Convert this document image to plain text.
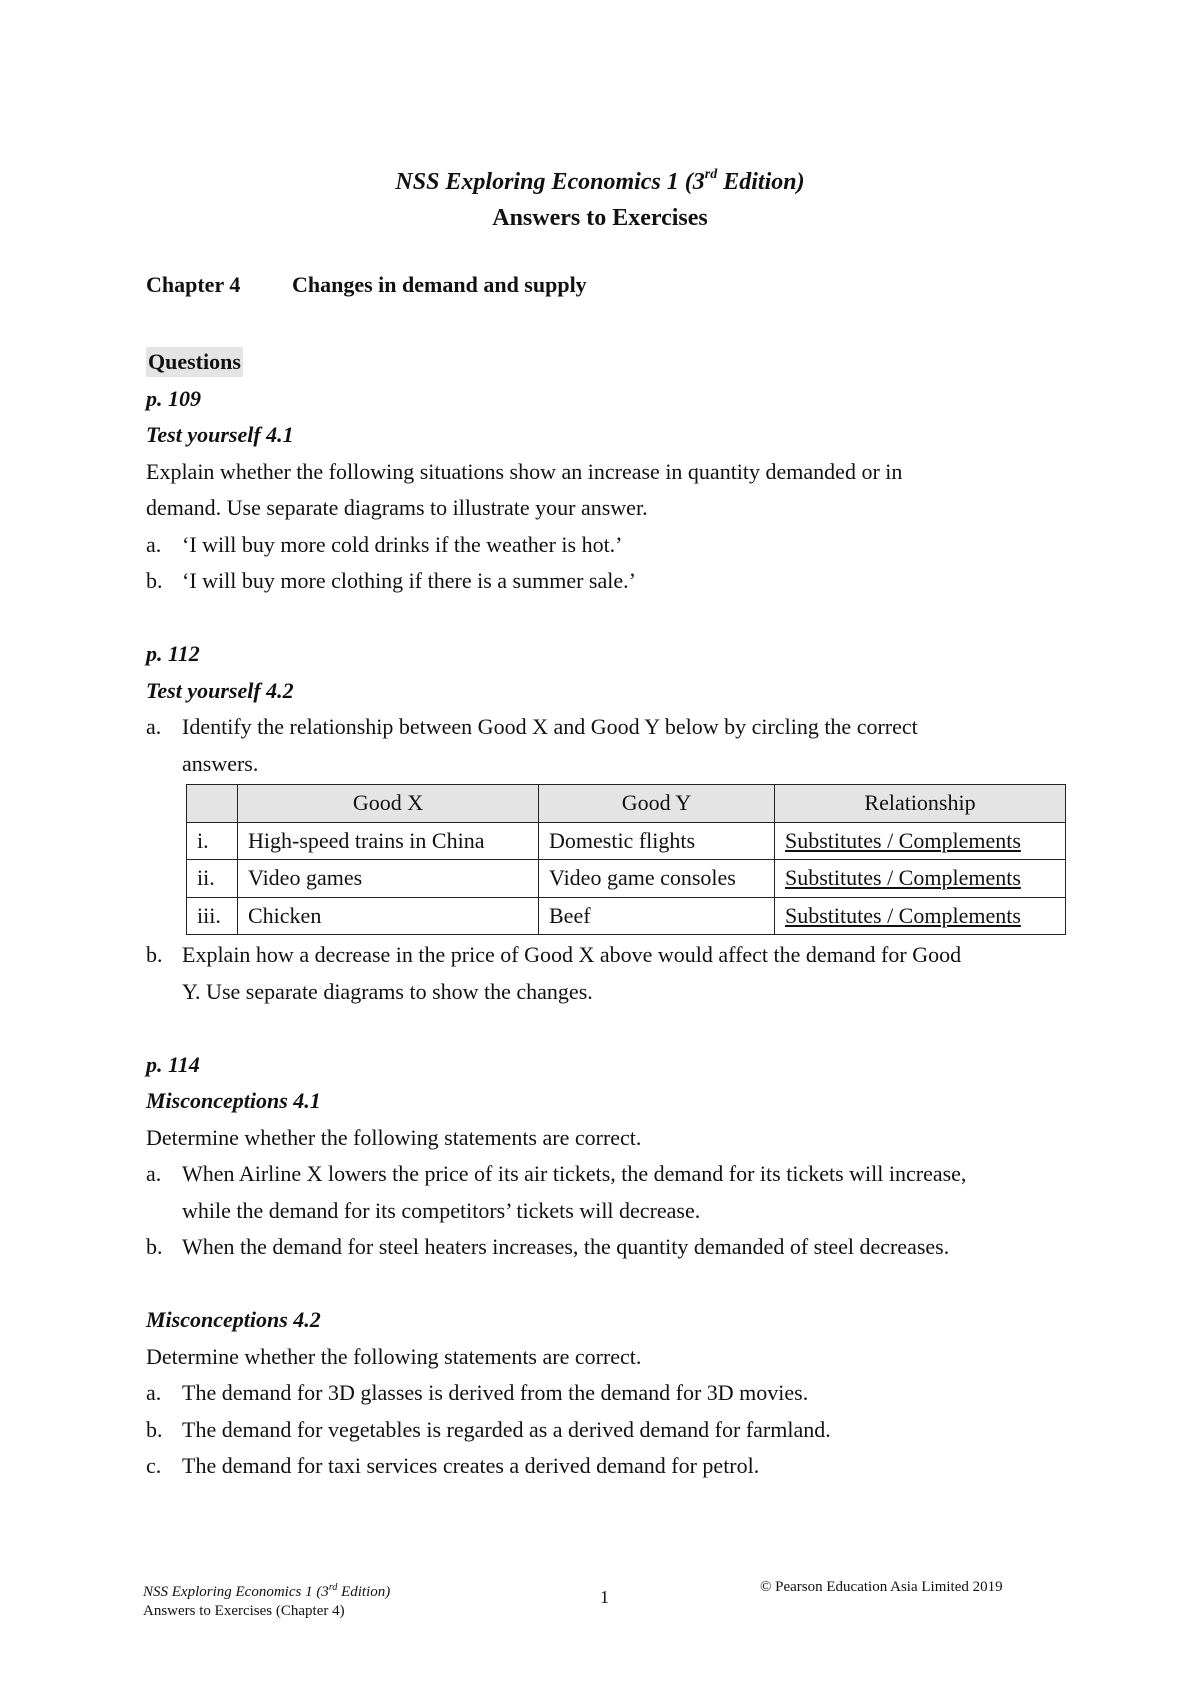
NSS Exploring Economics 1 (3rd Edition)
Answers to Exercises
Chapter 4 Changes in demand and supply
Questions
p. 109
Test yourself 4.1
Explain whether the following situations show an increase in quantity demanded or in
demand. Use separate diagrams to illustrate your answer.
a. ‘I will buy more cold drinks if the weather is hot.’
b. ‘I will buy more clothing if there is a summer sale.’
p. 112
Test yourself 4.2
a. Identify the relationship between Good X and Good Y below by circling the correct
answers.
	Good X	Good Y	Relationship
i.	High-speed trains in China	Domestic flights	Substitutes / Complements
ii.	Video games	Video game consoles	Substitutes / Complements
iii.	Chicken	Beef	Substitutes / Complements
b. Explain how a decrease in the price of Good X above would affect the demand for Good
Y. Use separate diagrams to show the changes.
p. 114
Misconceptions 4.1
Determine whether the following statements are correct.
a. When Airline X lowers the price of its air tickets, the demand for its tickets will increase,
while the demand for its competitors’ tickets will decrease.
b. When the demand for steel heaters increases, the quantity demanded of steel decreases.
Misconceptions 4.2
Determine whether the following statements are correct.
a. The demand for 3D glasses is derived from the demand for 3D movies.
b. The demand for vegetables is regarded as a derived demand for farmland.
c. The demand for taxi services creates a derived demand for petrol.
NSS Exploring Economics 1 (3rd Edition)
Answers to Exercises (Chapter 4)
1	© Pearson Education Asia Limited 2019
